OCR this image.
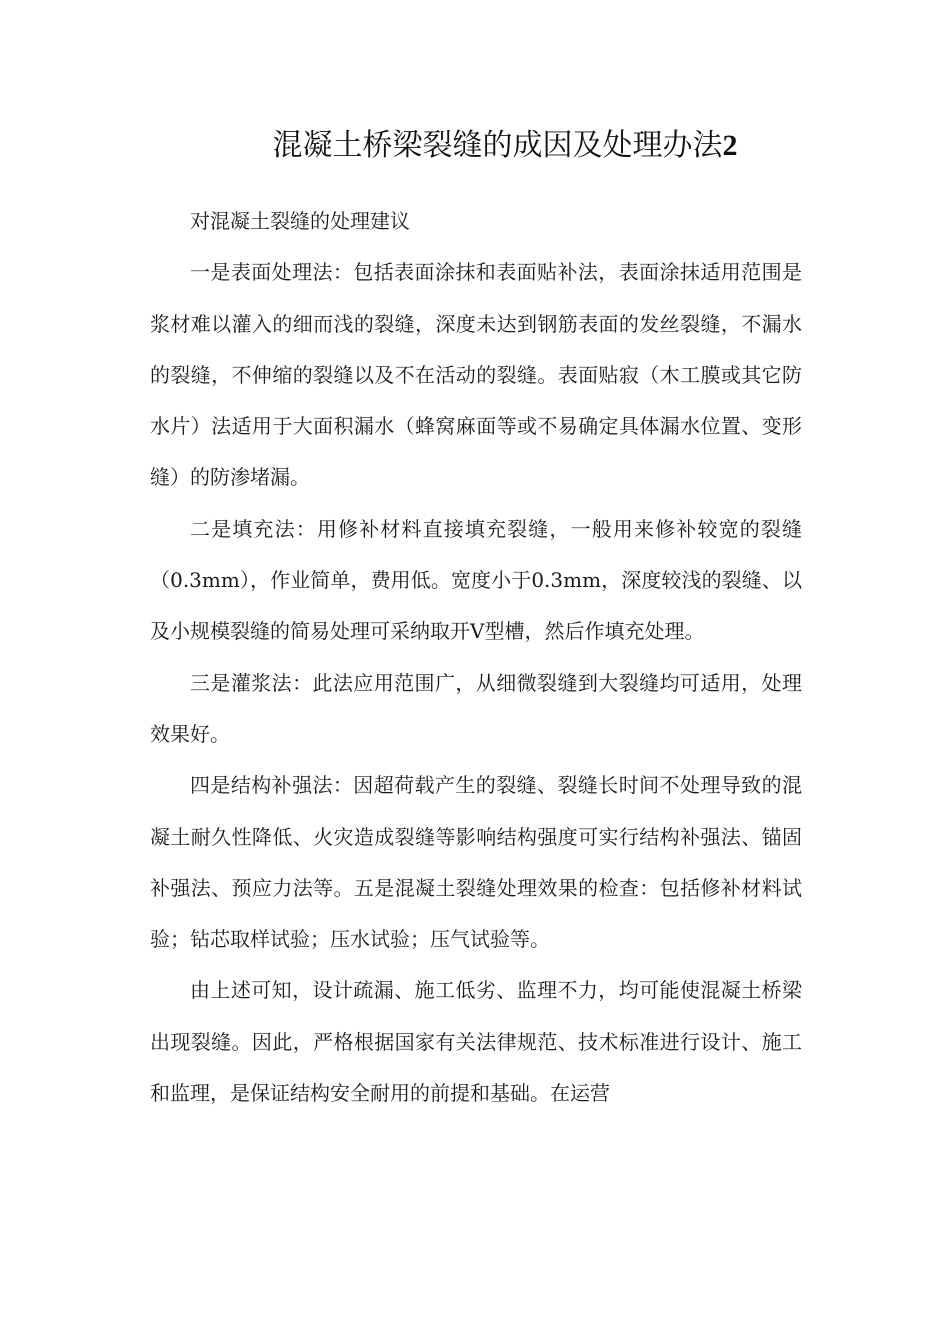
混凝土桥梁裂缝的成因及处理办法2

对混凝土裂缝的处理建议

一是表面处理法：包括表面涂抹和表面贴补法，表面涂抹适用范围是浆材难以灌入的细而浅的裂缝，深度未达到钢筋表面的发丝裂缝，不漏水的裂缝，不伸缩的裂缝以及不在活动的裂缝。表面贴寂（木工膜或其它防水片）法适用于大面积漏水（蜂窝麻面等或不易确定具体漏水位置、变形缝）的防渗堵漏。

二是填充法：用修补材料直接填充裂缝，一般用来修补较宽的裂缝（0.3mm），作业简单，费用低。宽度小于0.3mm，深度较浅的裂缝、以及小规模裂缝的简易处理可采纳取开V型槽，然后作填充处理。

三是灌浆法：此法应用范围广，从细微裂缝到大裂缝均可适用，处理效果好。

四是结构补强法：因超荷载产生的裂缝、裂缝长时间不处理导致的混凝土耐久性降低、火灾造成裂缝等影响结构强度可实行结构补强法、锚固补强法、预应力法等。五是混凝土裂缝处理效果的检查：包括修补材料试验；钻芯取样试验；压水试验；压气试验等。

由上述可知，设计疏漏、施工低劣、监理不力，均可能使混凝土桥梁出现裂缝。因此，严格根据国家有关法律规范、技术标准进行设计、施工和监理，是保证结构安全耐用的前提和基础。在运营
